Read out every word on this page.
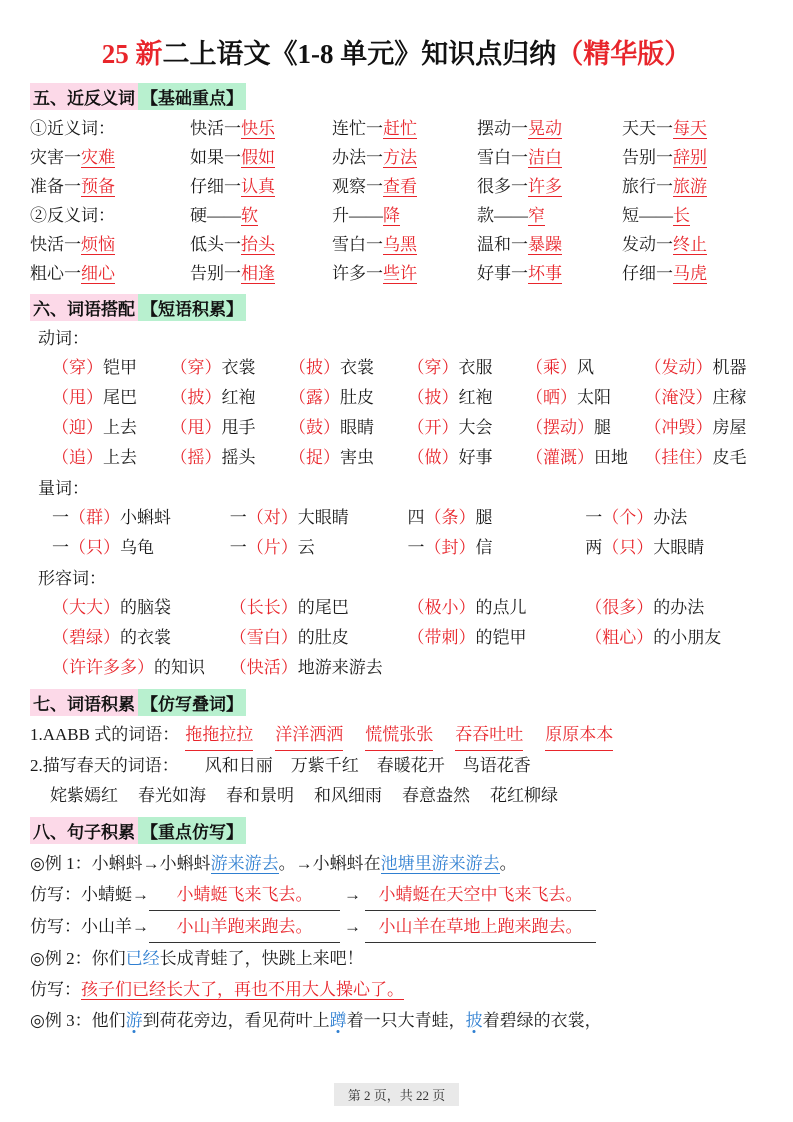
25 新二上语文《1-8 单元》知识点归纳（精华版）
五、近反义词 【基础重点】
①近义词：	快活一快乐	连忙一赶忙	摆动一晃动	天天一每天
灾害一灾难	如果一假如	办法一方法	雪白一洁白	告别一辞别
准备一预备	仔细一认真	观察一查看	很多一许多	旅行一旅游
②反义词：	硬——软	升——降	款——窄	短——长
快活一烦恼	低头一抬头	雪白一乌黑	温和一暴躁	发动一终止
粗心一细心	告别一相逢	许多一些许	好事一坏事	仔细一马虎
六、词语搭配 【短语积累】
动词：
（穿）铠甲	（穿）衣裳	（披）衣裳	（穿）衣服	（乘）风	（发动）机器
（甩）尾巴	（披）红袍	（露）肚皮	（披）红袍	（晒）太阳	（淹没）庄稼
（迎）上去	（甩）甩手	（鼓）眼睛	（开）大会	（摆动）腿	（冲毁）房屋
（追）上去	（摇）摇头	（捉）害虫	（做）好事	（灌溉）田地 （挂住）皮毛
量词：
一（群）小蝌蚪	一（对）大眼睛	四（条）腿	一（个）办法
一（只）乌龟	一（片）云	一（封）信	两（只）大眼睛
形容词：
（大大）的脑袋	（长长）的尾巴	（极小）的点儿	（很多）的办法
（碧绿）的衣裳	（雪白）的肚皮	（带刺）的铠甲	（粗心）的小朋友
（许许多多）的知识	（快活）地游来游去
七、词语积累 【仿写叠词】
1.AABB 式的词语： 拖拖拉拉 洋洋洒洒 慌慌张张 吞吞吐吐 原原本本
2.描写春天的词语： 风和日丽 万紫千红 春暖花开 鸟语花香
姹紫嫣红 春光如海 春和景明 和风细雨 春意盎然 花红柳绿
八、句子积累 【重点仿写】
◎例 1：小蝌蚪→小蝌蚪游来游去。→小蝌蚪在池塘里游来游去。
仿写：小蜻蜓→ 小蜻蜓飞来飞去。 → 小蜻蜓在天空中飞来飞去。
仿写：小山羊→ 小山羊跑来跑去。 → 小山羊在草地上跑来跑去。
◎例 2：你们已经长成青蛙了，快跳上来吧！
仿写：孩子们已经长大了，再也不用大人操心了。
◎例 3：他们游到荷花旁边，看见荷叶上蹲着一只大青蛙，披着碧绿的衣裳，
第 2 页，共 22 页
